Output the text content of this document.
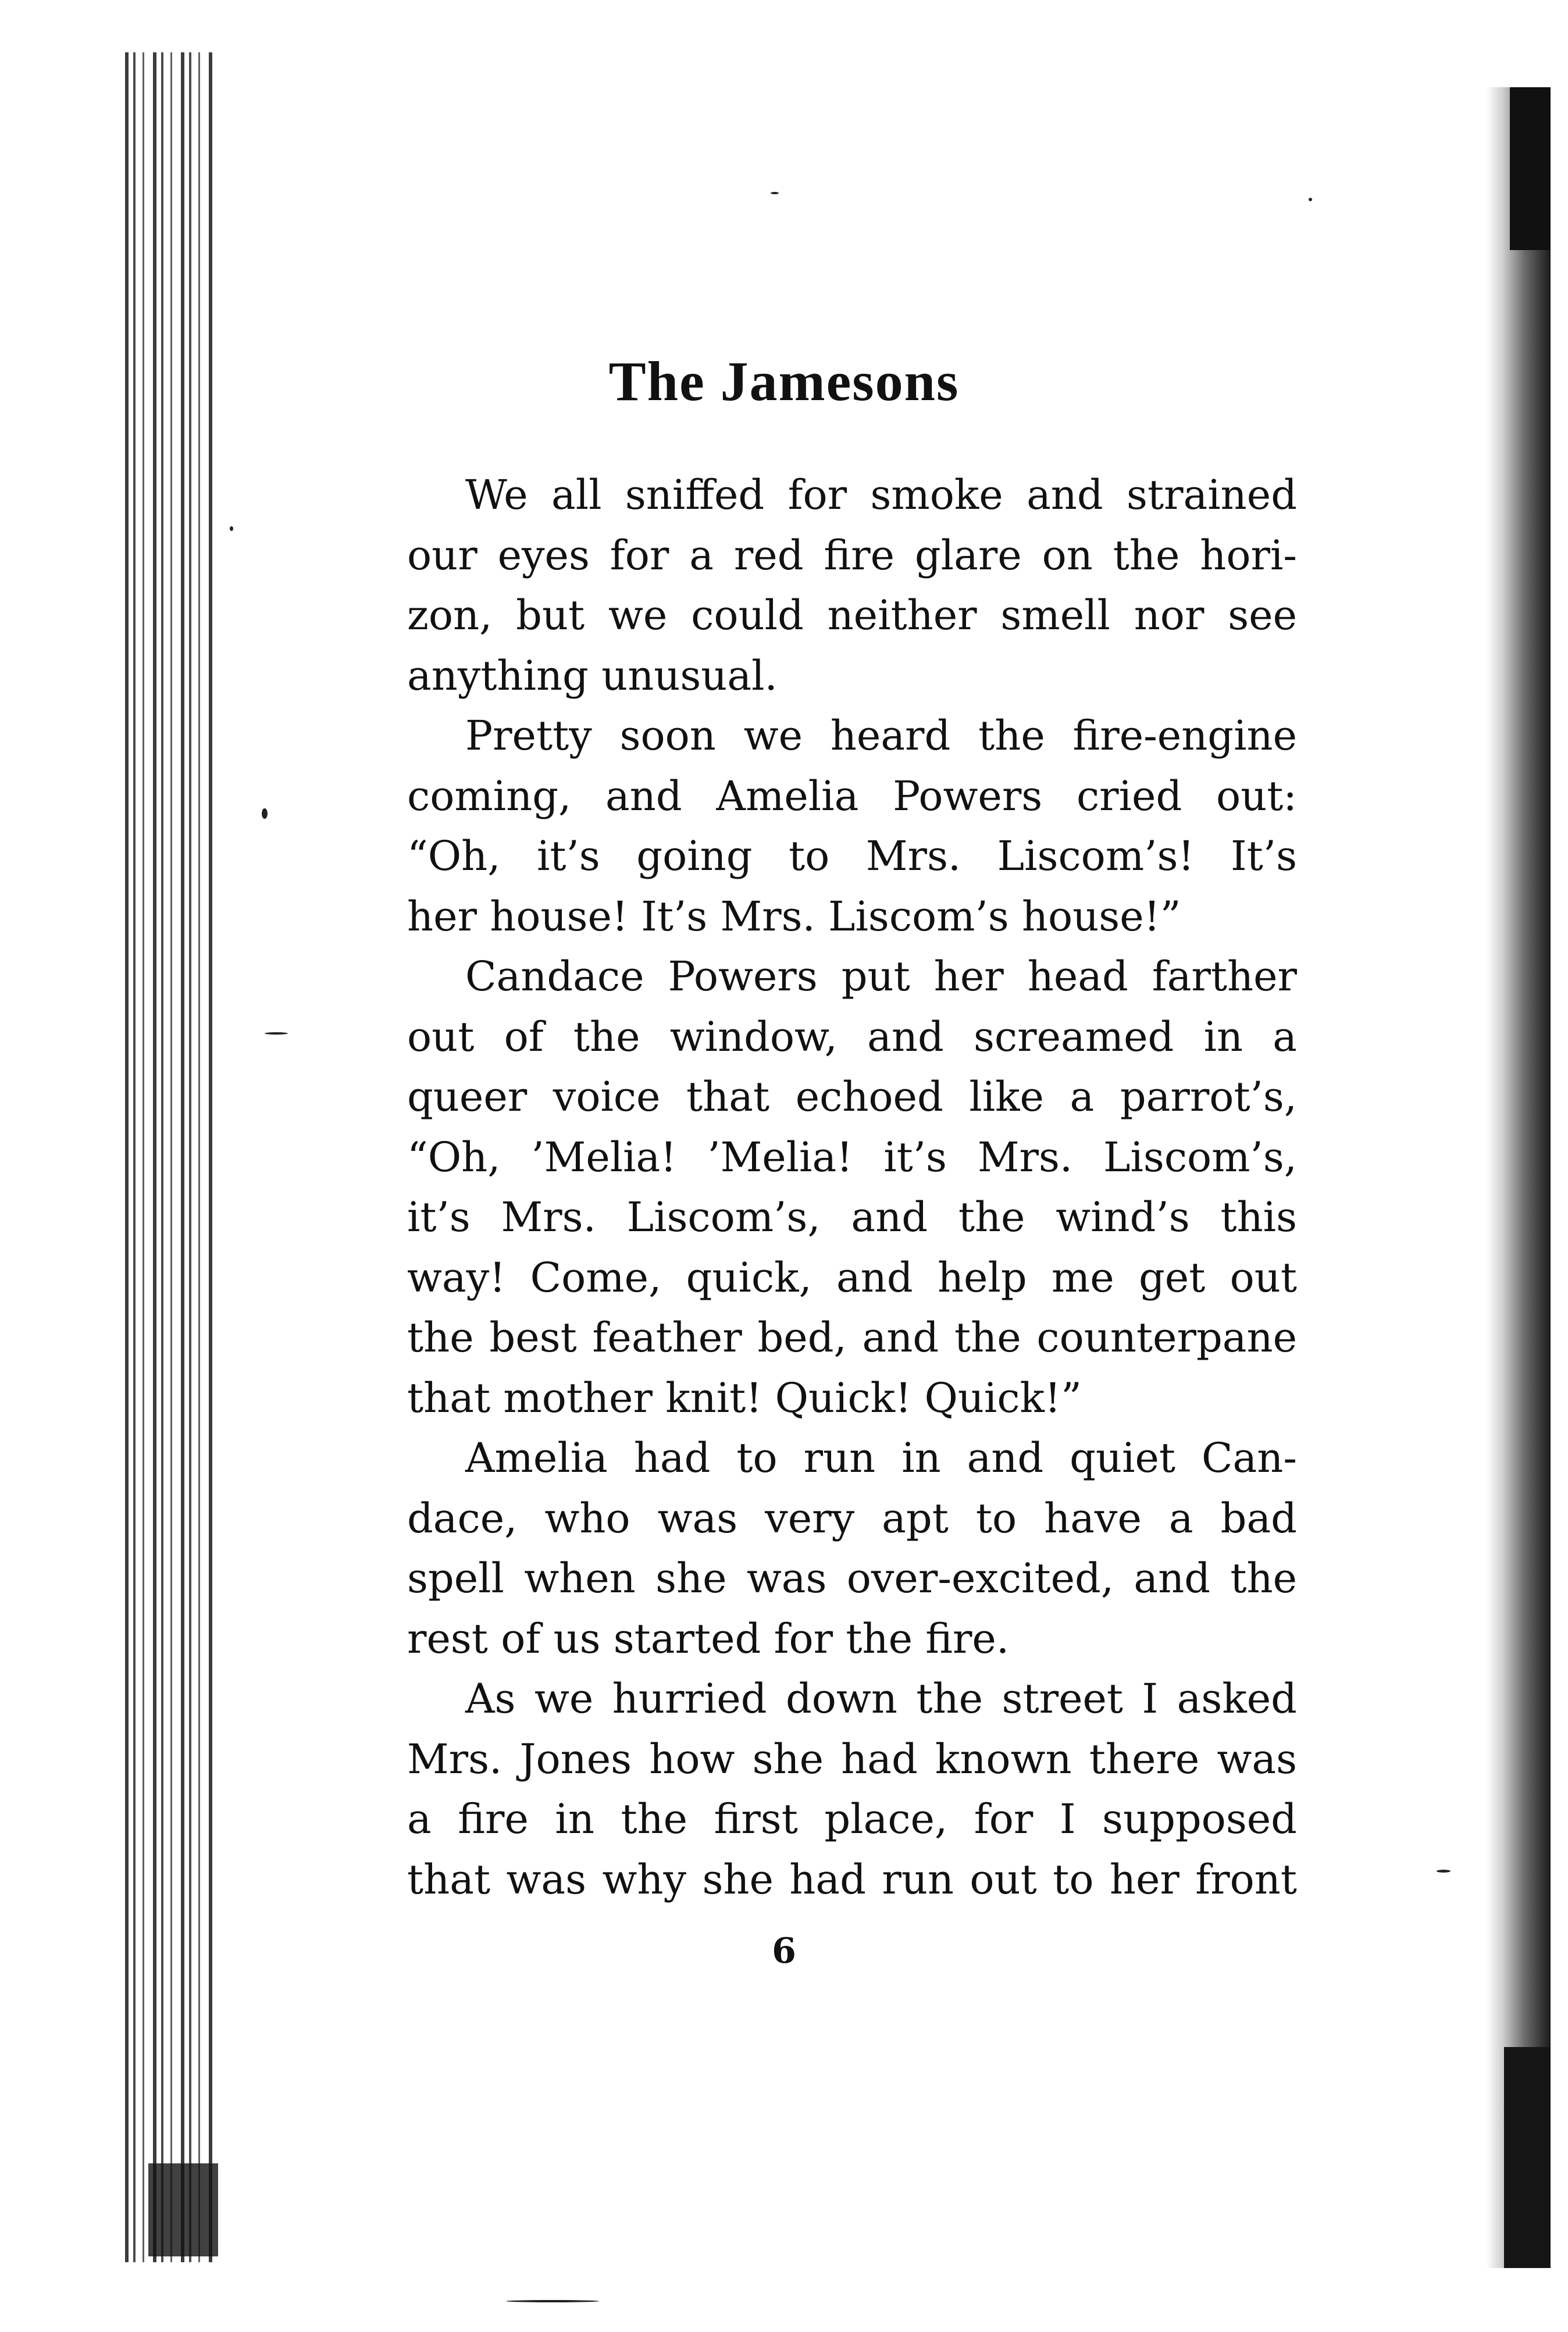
The Jamesons
We all sniffed for smoke and strained
our eyes for a red fire glare on the hori-
zon, but we could neither smell nor see
anything unusual.
Pretty soon we heard the fire-engine
coming, and Amelia Powers cried out:
“Oh, it’s going to Mrs. Liscom’s! It’s
her house! It’s Mrs. Liscom’s house!”
Candace Powers put her head farther
out of the window, and screamed in a
queer voice that echoed like a parrot’s,
“Oh, ’Melia! ’Melia! it’s Mrs. Liscom’s,
it’s Mrs. Liscom’s, and the wind’s this
way! Come, quick, and help me get out
the best feather bed, and the counterpane
that mother knit! Quick! Quick!”
Amelia had to run in and quiet Can-
dace, who was very apt to have a bad
spell when she was over-excited, and the
rest of us started for the fire.
As we hurried down the street I asked
Mrs. Jones how she had known there was
a fire in the first place, for I supposed
that was why she had run out to her front
6
